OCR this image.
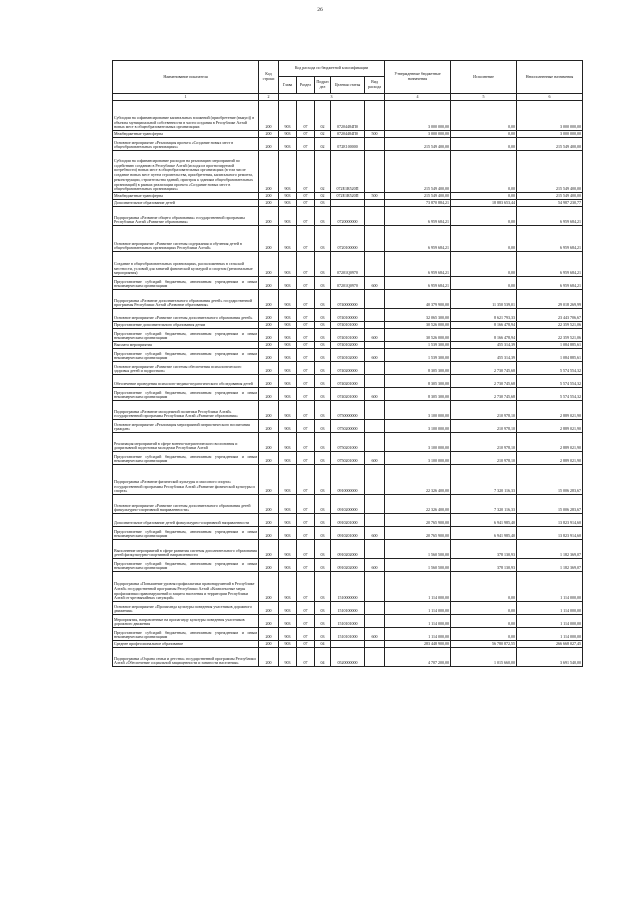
26
Наименование показателя	Код строки	Код расхода по бюджетной классификации					Утвержденные бюджетные назначения	Исполнение	Неисполненные назначения
		Глава	Раздел	Подраз дел	Целевая статья	Вид расхода			
1	2	3					4	5	6
Субсидии на софинансирование капитальных вложений (приобретение (выкуп)) в объекты муниципальной собственности в части создания в Республике Алтай новых мест в общеобразовательных организациях	200	903	07	02	07204484П0		3 000 000,00	0,00	3 000 000,00
Межбюджетные трансферты	200	903	07	02	07204484П0	500	3 000 000,00	0,00	3 000 000,00
Основное мероприятие «Реализация проекта «Создание новых мест в общеобразовательных организациях»	200	903	07	02	072Е100000		215 549 400,00	0,00	215 549 400,00
Субсидии на софинансирование расходов на реализацию мероприятий по содействию созданию в Республике Алтай (исходя из прогнозируемой потребности) новых мест в общеобразовательных организациях (в том числе создание новых мест путем строительства, приобретения, капитального ремонта, реконструкции, строительства зданий, пристроя к зданиям общеобразовательных организаций) в рамках реализации проекта «Создание новых мест в общеобразовательных организациях»	200	903	07	02	072Е1R520П		215 549 400,00	0,00	215 549 400,00
Межбюджетные трансферты	200	903	07	02	072Е1R520П	500	215 549 400,00	0,00	215 549 400,00
Дополнительное образование детей	200	903	07	03			73 870 884,21	18 883 653,44	54 987 230,77
Подпрограмма «Развитие общего образования» государственной программы Республики Алтай «Развитие образования»	200	903	07	03	0720000000		6 959 684,21	0,00	6 959 684,21
Основное мероприятие «Развитие системы содержания и обучения детей в общеобразовательных организациях Республики Алтай»	200	903	07	03	0720100000		6 959 684,21	0,00	6 959 684,21
Создание в общеобразовательных организациях, расположенных в сельской местности, условий для занятий физической культурой и спортом (региональные мероприятия)	200	903	07	03	07201Q0970		6 959 684,21	0,00	6 959 684,21
Предоставление субсидий бюджетным, автономным учреждениям и иным некоммерческим организациям	200	903	07	03	07201Q0970	600	6 959 684,21	0,00	6 959 684,21
Подпрограмма «Развитие дополнительного образования детей» государственной программы Республики Алтай «Развитие образования»	200	903	07	03	0740000000		40 379 900,00	11 350 539,01	29 018 269,99
Основное мероприятие «Развитие системы дополнительного образования детей»	200	903	07	03	0740100000		32 065 300,00	8 621 793,33	23 443 706,67
Предоставление дополнительного образования детям	200	903	07	03	0740101000		30 526 000,00	8 166 478,94	22 359 521,06
Предоставление субсидий бюджетным, автономным учреждениям и иным некоммерческим организациям	200	903	07	03	0740101000	600	30 526 000,00	8 166 478,94	22 359 521,06
Выплата мероприятия	200	903	07	03	0740102000		1 539 300,00	455 314,39	1 084 885,61
Предоставление субсидий бюджетным, автономным учреждениям и иным некоммерческим организациям	200	903	07	03	0740102000	600	1 539 300,00	455 314,39	1 084 885,61
Основное мероприятие «Развитие системы обеспечения психологического здоровья детей и подростков»	200	903	07	03	0740200000		8 305 300,00	2 730 745,68	5 574 554,32
Обеспечение проведения психолого-медико-педагогического обследования детей	200	903	07	03	0740201000		8 305 300,00	2 730 745,68	5 574 554,32
Предоставление субсидий бюджетным, автономным учреждениям и иным некоммерческим организациям	200	903	07	03	0740201000	600	8 305 300,00	2 730 745,68	5 574 554,32
Подпрограмма «Развитие молодежной политики Республики Алтай» государственной программы Республики Алтай «Развитие образования»	200	903	07	03	0750000000		3 100 000,00	210 978,10	2 889 021,90
Основное мероприятие «Реализация мероприятий патриотического воспитания граждан»	200	903	07	03	0750200000		3 100 000,00	210 978,10	2 889 021,90
Реализация мероприятий в сфере военно-патриотического воспитания и допризывной подготовки молодежи Республики Алтай	200	903	07	03	0750201000		3 100 000,00	210 978,10	2 889 021,90
Предоставление субсидий бюджетным, автономным учреждениям и иным некоммерческим организациям	200	903	07	03	0750201000	600	3 100 000,00	210 978,10	2 889 021,90
Подпрограмма «Развитие физической культуры и массового спорта» государственной программы Республики Алтай «Развитие физической культуры и спорта»	200	903	07	03	0910000000		22 326 400,00	7 320 116,33	15 006 283,67
Основное мероприятие «Развитие системы дополнительного образования детей физкультурно-спортивной направленности»	200	903	07	03	0910200000		22 326 400,00	7 320 116,33	15 006 283,67
Дополнительное образование детей физкультурно-спортивной направленности	200	903	07	03	0910201000		20 765 900,00	6 941 985,40	13 823 914,60
Предоставление субсидий бюджетным, автономным учреждениям и иным некоммерческим организациям	200	903	07	03	0910201000	600	20 765 900,00	6 941 985,40	13 823 914,60
Выполнение мероприятий в сфере развития системы дополнительного образования детей физкультурно-спортивной направленности	200	903	07	03	0910202000		1 560 500,00	378 130,93	1 182 369,07
Предоставление субсидий бюджетным, автономным учреждениям и иным некоммерческим организациям	200	903	07	03	0910202000	600	1 560 500,00	378 130,93	1 182 369,07
Подпрограмма «Повышение уровня профилактики правонарушений в Республике Алтай» государственной программы Республики Алтай «Комплексные меры профилактики правонарушений и защита населения и территории Республики Алтай от чрезвычайных ситуаций»	200	903	07	03	1510000000		1 114 000,00	0,00	1 114 000,00
Основное мероприятие «Пропаганда культуры поведения участников дорожного движения»	200	903	07	03	1510100000		1 114 000,00	0,00	1 114 000,00
Мероприятия, направленные на пропаганду культуры поведения участников дорожного движения	200	903	07	03	1510101000		1 114 000,00	0,00	1 114 000,00
Предоставление субсидий бюджетным, автономным учреждениям и иным некоммерческим организациям	200	903	07	03	1510101000	600	1 114 000,00	0,00	1 114 000,00
Среднее профессиональное образование	200	903	07	04			283 448 900,00	56 780 872,55	266 668 027,45
Подпрограмма «Охрана семьи и детства» государственной программы Республики Алтай «Обеспечение социальной защищенности и занятости населения»	200	903	07	04	0520000000		4 707 200,00	1 015 660,00	3 691 540,00
